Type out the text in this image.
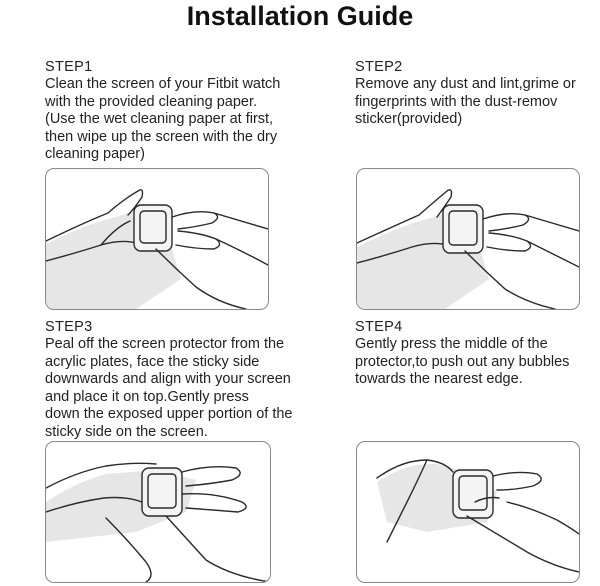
Installation Guide

STEP1

Clean the screen of your Fitbit watch
with the provided cleaning paper.
(Use the wet cleaning paper at first,
then wipe up the screen with the dry
cleaning paper)

STEP2

Remove any dust and lint,grime or
fingerprints with the dust-remov
sticker(provided)

STEP3

Peal off the screen protector from the
acrylic plates, face the sticky side
downwards and align with your screen
and place it on top.Gently press
down the exposed upper portion of the
sticky side on the screen.

STEP4

Gently press the middle of the
protector,to push out any bubbles
towards the nearest edge.
